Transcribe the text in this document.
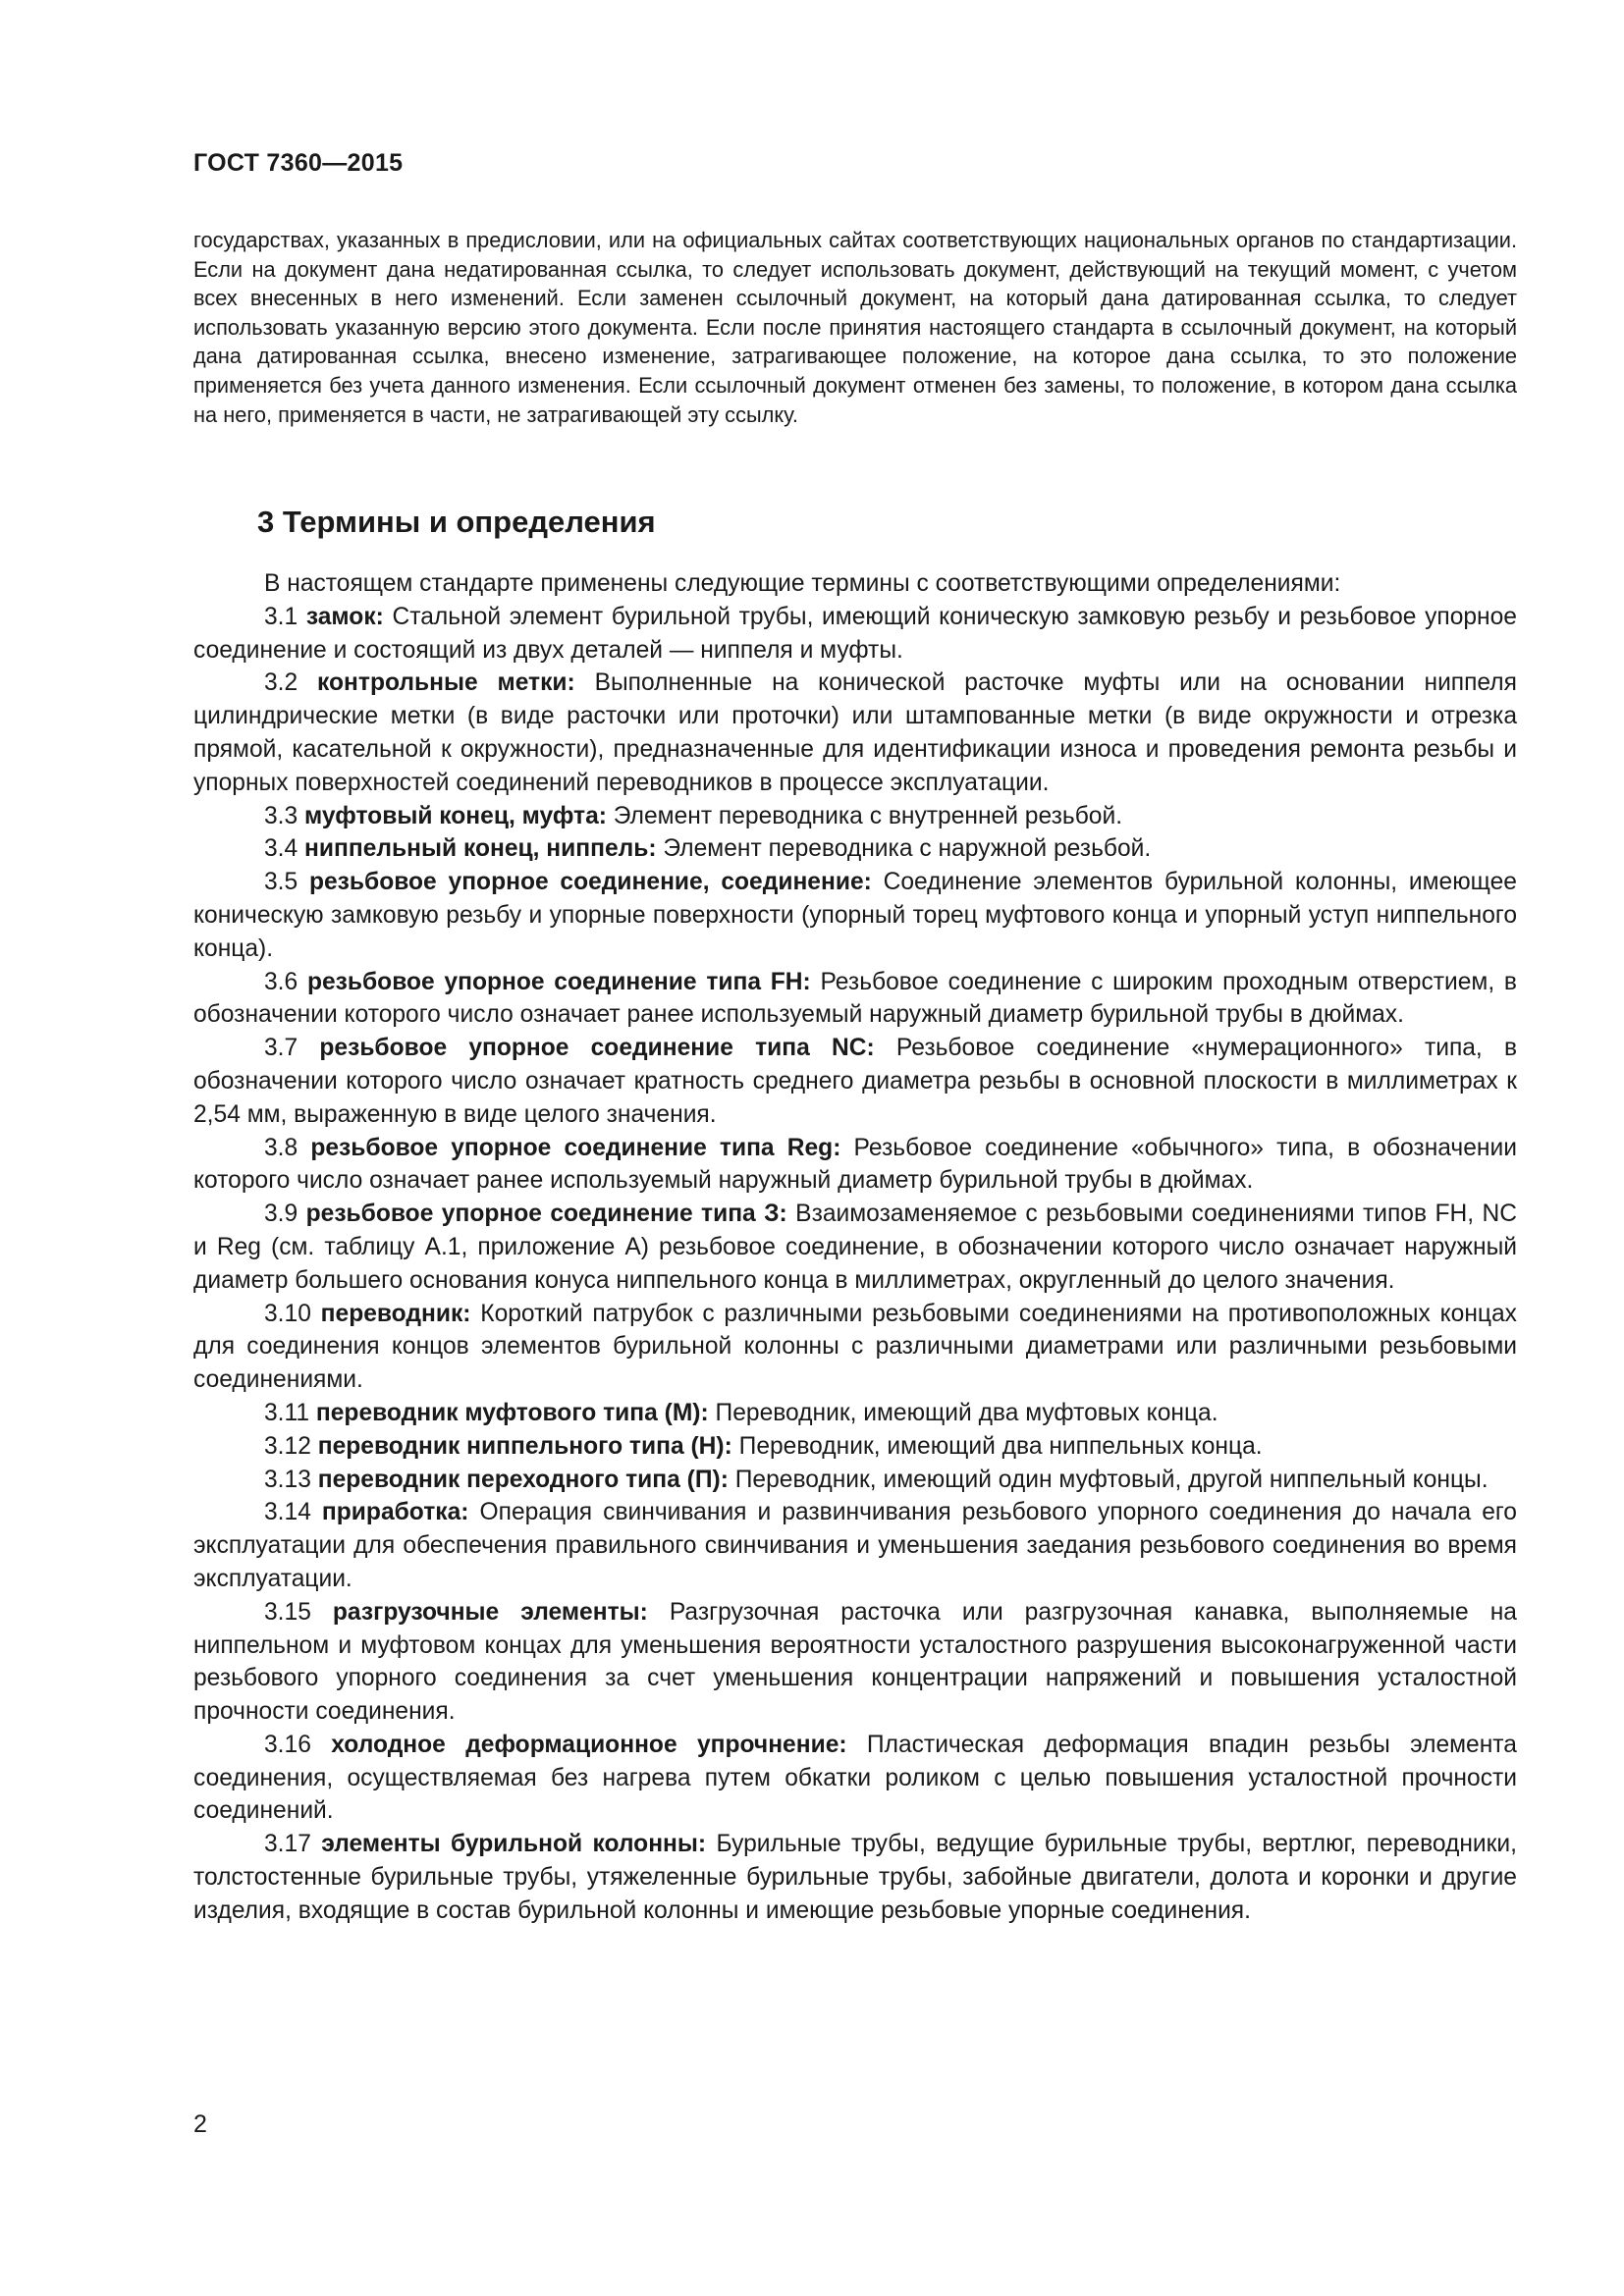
ГОСТ 7360—2015

государствах, указанных в предисловии, или на официальных сайтах соответствующих национальных органов по стандартизации. Если на документ дана недатированная ссылка, то следует использовать документ, действующий на текущий момент, с учетом всех внесенных в него изменений. Если заменен ссылочный документ, на который дана датированная ссылка, то следует использовать указанную версию этого документа. Если после принятия настоящего стандарта в ссылочный документ, на который дана датированная ссылка, внесено изменение, затрагивающее положение, на которое дана ссылка, то это положение применяется без учета данного изменения. Если ссылочный документ отменен без замены, то положение, в котором дана ссылка на него, применяется в части, не затрагивающей эту ссылку.

3 Термины и определения

В настоящем стандарте применены следующие термины с соответствующими определениями:

3.1 замок: Стальной элемент бурильной трубы, имеющий коническую замковую резьбу и резьбовое упорное соединение и состоящий из двух деталей — ниппеля и муфты.

3.2 контрольные метки: Выполненные на конической расточке муфты или на основании ниппеля цилиндрические метки (в виде расточки или проточки) или штампованные метки (в виде окружности и отрезка прямой, касательной к окружности), предназначенные для идентификации износа и проведения ремонта резьбы и упорных поверхностей соединений переводников в процессе эксплуатации.

3.3 муфтовый конец, муфта: Элемент переводника с внутренней резьбой.

3.4 ниппельный конец, ниппель: Элемент переводника с наружной резьбой.

3.5 резьбовое упорное соединение, соединение: Соединение элементов бурильной колонны, имеющее коническую замковую резьбу и упорные поверхности (упорный торец муфтового конца и упорный уступ ниппельного конца).

3.6 резьбовое упорное соединение типа FH: Резьбовое соединение с широким проходным отверстием, в обозначении которого число означает ранее используемый наружный диаметр бурильной трубы в дюймах.

3.7 резьбовое упорное соединение типа NC: Резьбовое соединение «нумерационного» типа, в обозначении которого число означает кратность среднего диаметра резьбы в основной плоскости в миллиметрах к 2,54 мм, выраженную в виде целого значения.

3.8 резьбовое упорное соединение типа Reg: Резьбовое соединение «обычного» типа, в обозначении которого число означает ранее используемый наружный диаметр бурильной трубы в дюймах.

3.9 резьбовое упорное соединение типа З: Взаимозаменяемое с резьбовыми соединениями типов FH, NC и Reg (см. таблицу А.1, приложение А) резьбовое соединение, в обозначении которого число означает наружный диаметр большего основания конуса ниппельного конца в миллиметрах, округленный до целого значения.

3.10 переводник: Короткий патрубок с различными резьбовыми соединениями на противоположных концах для соединения концов элементов бурильной колонны с различными диаметрами или различными резьбовыми соединениями.

3.11 переводник муфтового типа (М): Переводник, имеющий два муфтовых конца.

3.12 переводник ниппельного типа (Н): Переводник, имеющий два ниппельных конца.

3.13 переводник переходного типа (П): Переводник, имеющий один муфтовый, другой ниппельный концы.

3.14 приработка: Операция свинчивания и развинчивания резьбового упорного соединения до начала его эксплуатации для обеспечения правильного свинчивания и уменьшения заедания резьбового соединения во время эксплуатации.

3.15 разгрузочные элементы: Разгрузочная расточка или разгрузочная канавка, выполняемые на ниппельном и муфтовом концах для уменьшения вероятности усталостного разрушения высоконагруженной части резьбового упорного соединения за счет уменьшения концентрации напряжений и повышения усталостной прочности соединения.

3.16 холодное деформационное упрочнение: Пластическая деформация впадин резьбы элемента соединения, осуществляемая без нагрева путем обкатки роликом с целью повышения усталостной прочности соединений.

3.17 элементы бурильной колонны: Бурильные трубы, ведущие бурильные трубы, вертлюг, переводники, толстостенные бурильные трубы, утяжеленные бурильные трубы, забойные двигатели, долота и коронки и другие изделия, входящие в состав бурильной колонны и имеющие резьбовые упорные соединения.

2
